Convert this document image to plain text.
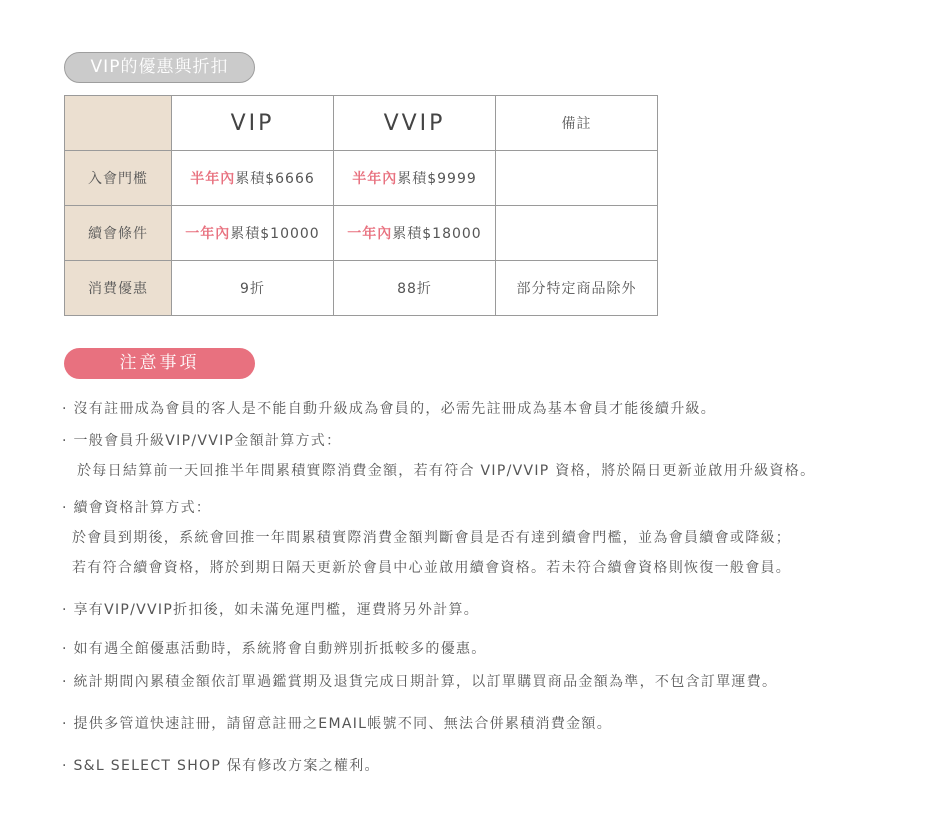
VIP的優惠與折扣
	VIP	VVIP	備註
入會門檻	半年內累積$6666	半年內累積$9999	
續會條件	一年內累積$10000	一年內累積$18000	
消費優惠	9折	88折	部分特定商品除外
注意事項
· 沒有註冊成為會員的客人是不能自動升級成為會員的，必需先註冊成為基本會員才能後續升級。
· 一般會員升級VIP/VVIP金額計算方式：
於每日結算前一天回推半年間累積實際消費金額，若有符合 VIP/VVIP 資格，將於隔日更新並啟用升級資格。
· 續會資格計算方式：
於會員到期後，系統會回推一年間累積實際消費金額判斷會員是否有達到續會門檻，並為會員續會或降級；
若有符合續會資格，將於到期日隔天更新於會員中心並啟用續會資格。若未符合續會資格則恢復一般會員。
· 享有VIP/VVIP折扣後，如未滿免運門檻，運費將另外計算。
· 如有遇全館優惠活動時，系統將會自動辨別折抵較多的優惠。
· 統計期間內累積金額依訂單過鑑賞期及退貨完成日期計算，以訂單購買商品金額為準，不包含訂單運費。
· 提供多管道快速註冊，請留意註冊之EMAIL帳號不同、無法合併累積消費金額。
· S&L SELECT SHOP 保有修改方案之權利。
